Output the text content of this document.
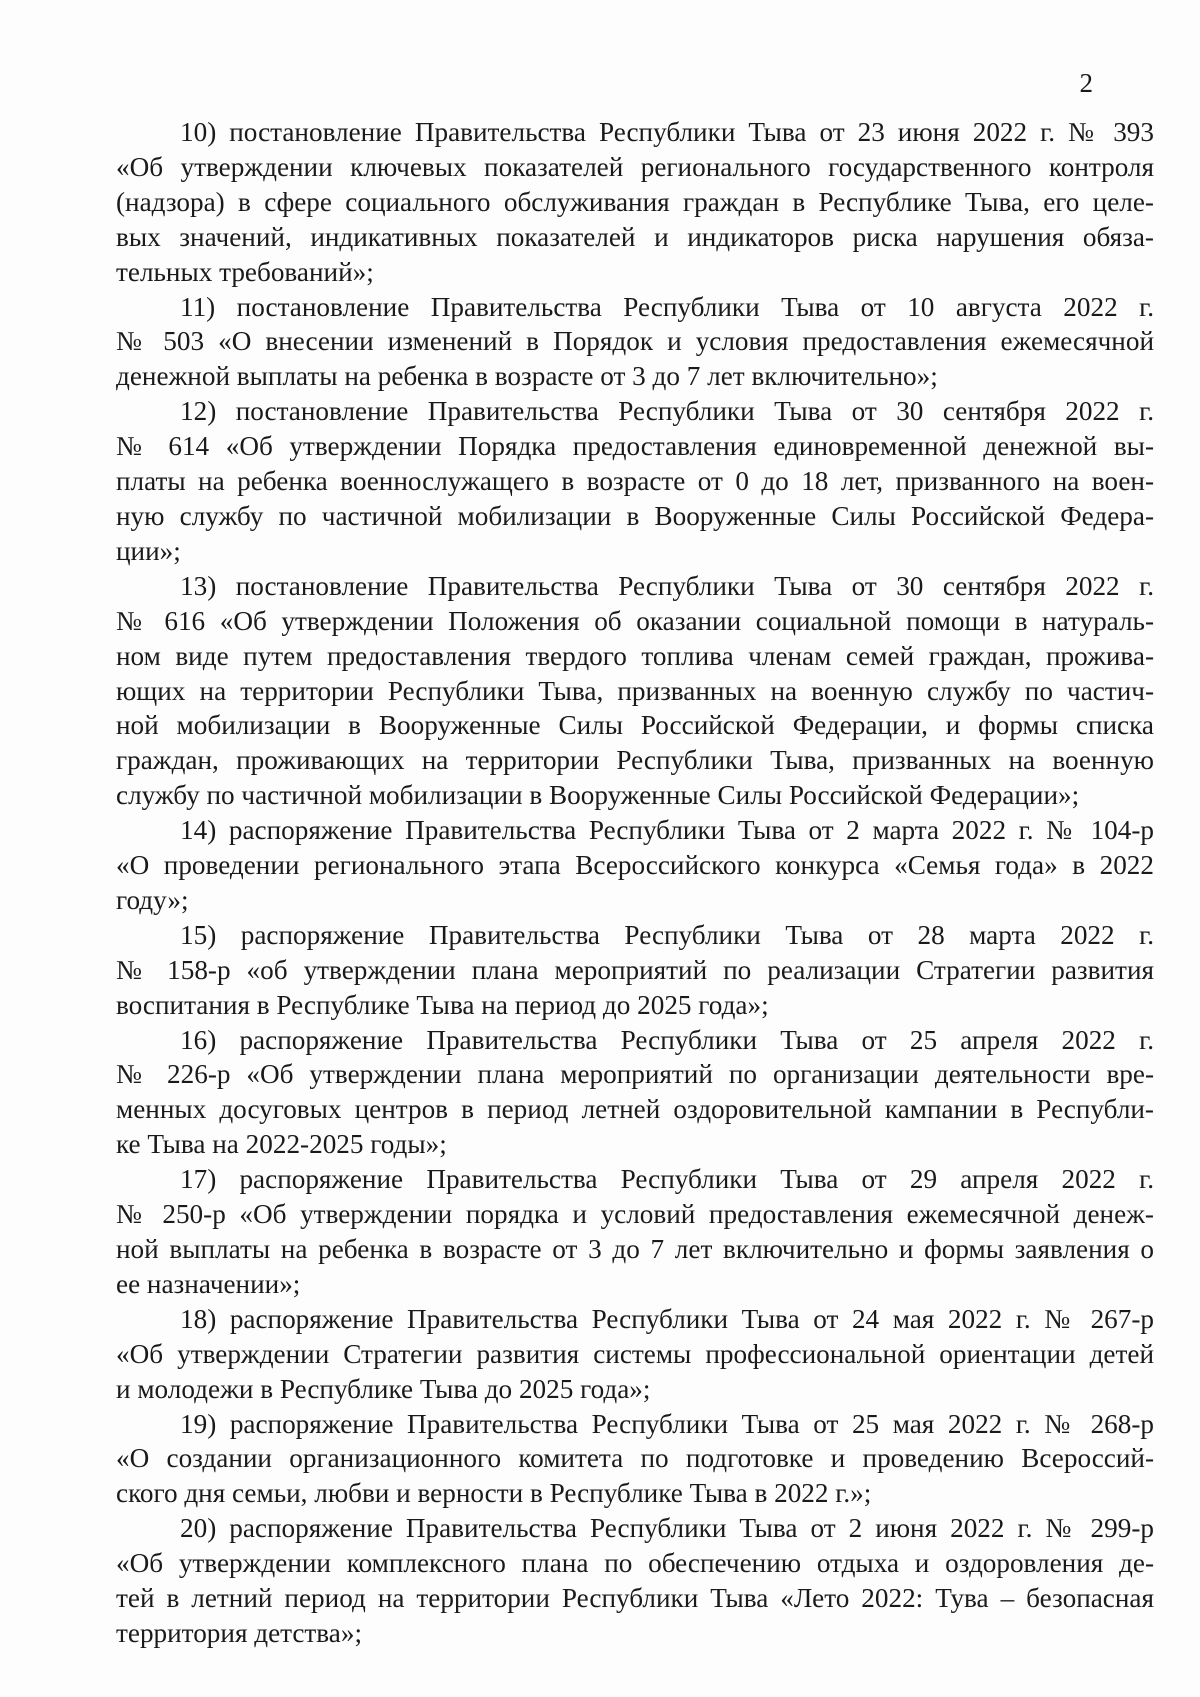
2

10) постановление Правительства Республики Тыва от 23 июня 2022 г. № 393
«Об утверждении ключевых показателей регионального государственного контроля
(надзора) в сфере социального обслуживания граждан в Республике Тыва, его целе-
вых значений, индикативных показателей и индикаторов риска нарушения обяза-
тельных требований»;

11) постановление Правительства Республики Тыва от 10 августа 2022 г.
№ 503 «О внесении изменений в Порядок и условия предоставления ежемесячной
денежной выплаты на ребенка в возрасте от 3 до 7 лет включительно»;

12) постановление Правительства Республики Тыва от 30 сентября 2022 г.
№ 614 «Об утверждении Порядка предоставления единовременной денежной вы-
платы на ребенка военнослужащего в возрасте от 0 до 18 лет, призванного на воен-
ную службу по частичной мобилизации в Вооруженные Силы Российской Федера-
ции»;

13) постановление Правительства Республики Тыва от 30 сентября 2022 г.
№ 616 «Об утверждении Положения об оказании социальной помощи в натураль-
ном виде путем предоставления твердого топлива членам семей граждан, прожива-
ющих на территории Республики Тыва, призванных на военную службу по частич-
ной мобилизации в Вооруженные Силы Российской Федерации, и формы списка
граждан, проживающих на территории Республики Тыва, призванных на военную
службу по частичной мобилизации в Вооруженные Силы Российской Федерации»;

14) распоряжение Правительства Республики Тыва от 2 марта 2022 г. № 104-р
«О проведении регионального этапа Всероссийского конкурса «Семья года» в 2022
году»;

15) распоряжение Правительства Республики Тыва от 28 марта 2022 г.
№ 158-р «об утверждении плана мероприятий по реализации Стратегии развития
воспитания в Республике Тыва на период до 2025 года»;

16) распоряжение Правительства Республики Тыва от 25 апреля 2022 г.
№ 226-р «Об утверждении плана мероприятий по организации деятельности вре-
менных досуговых центров в период летней оздоровительной кампании в Республи-
ке Тыва на 2022-2025 годы»;

17) распоряжение Правительства Республики Тыва от 29 апреля 2022 г.
№ 250-р «Об утверждении порядка и условий предоставления ежемесячной денеж-
ной выплаты на ребенка в возрасте от 3 до 7 лет включительно и формы заявления о
ее назначении»;

18) распоряжение Правительства Республики Тыва от 24 мая 2022 г. № 267-р
«Об утверждении Стратегии развития системы профессиональной ориентации детей
и молодежи в Республике Тыва до 2025 года»;

19) распоряжение Правительства Республики Тыва от 25 мая 2022 г. № 268-р
«О создании организационного комитета по подготовке и проведению Всероссий-
ского дня семьи, любви и верности в Республике Тыва в 2022 г.»;

20) распоряжение Правительства Республики Тыва от 2 июня 2022 г. № 299-р
«Об утверждении комплексного плана по обеспечению отдыха и оздоровления де-
тей в летний период на территории Республики Тыва «Лето 2022: Тува – безопасная
территория детства»;
